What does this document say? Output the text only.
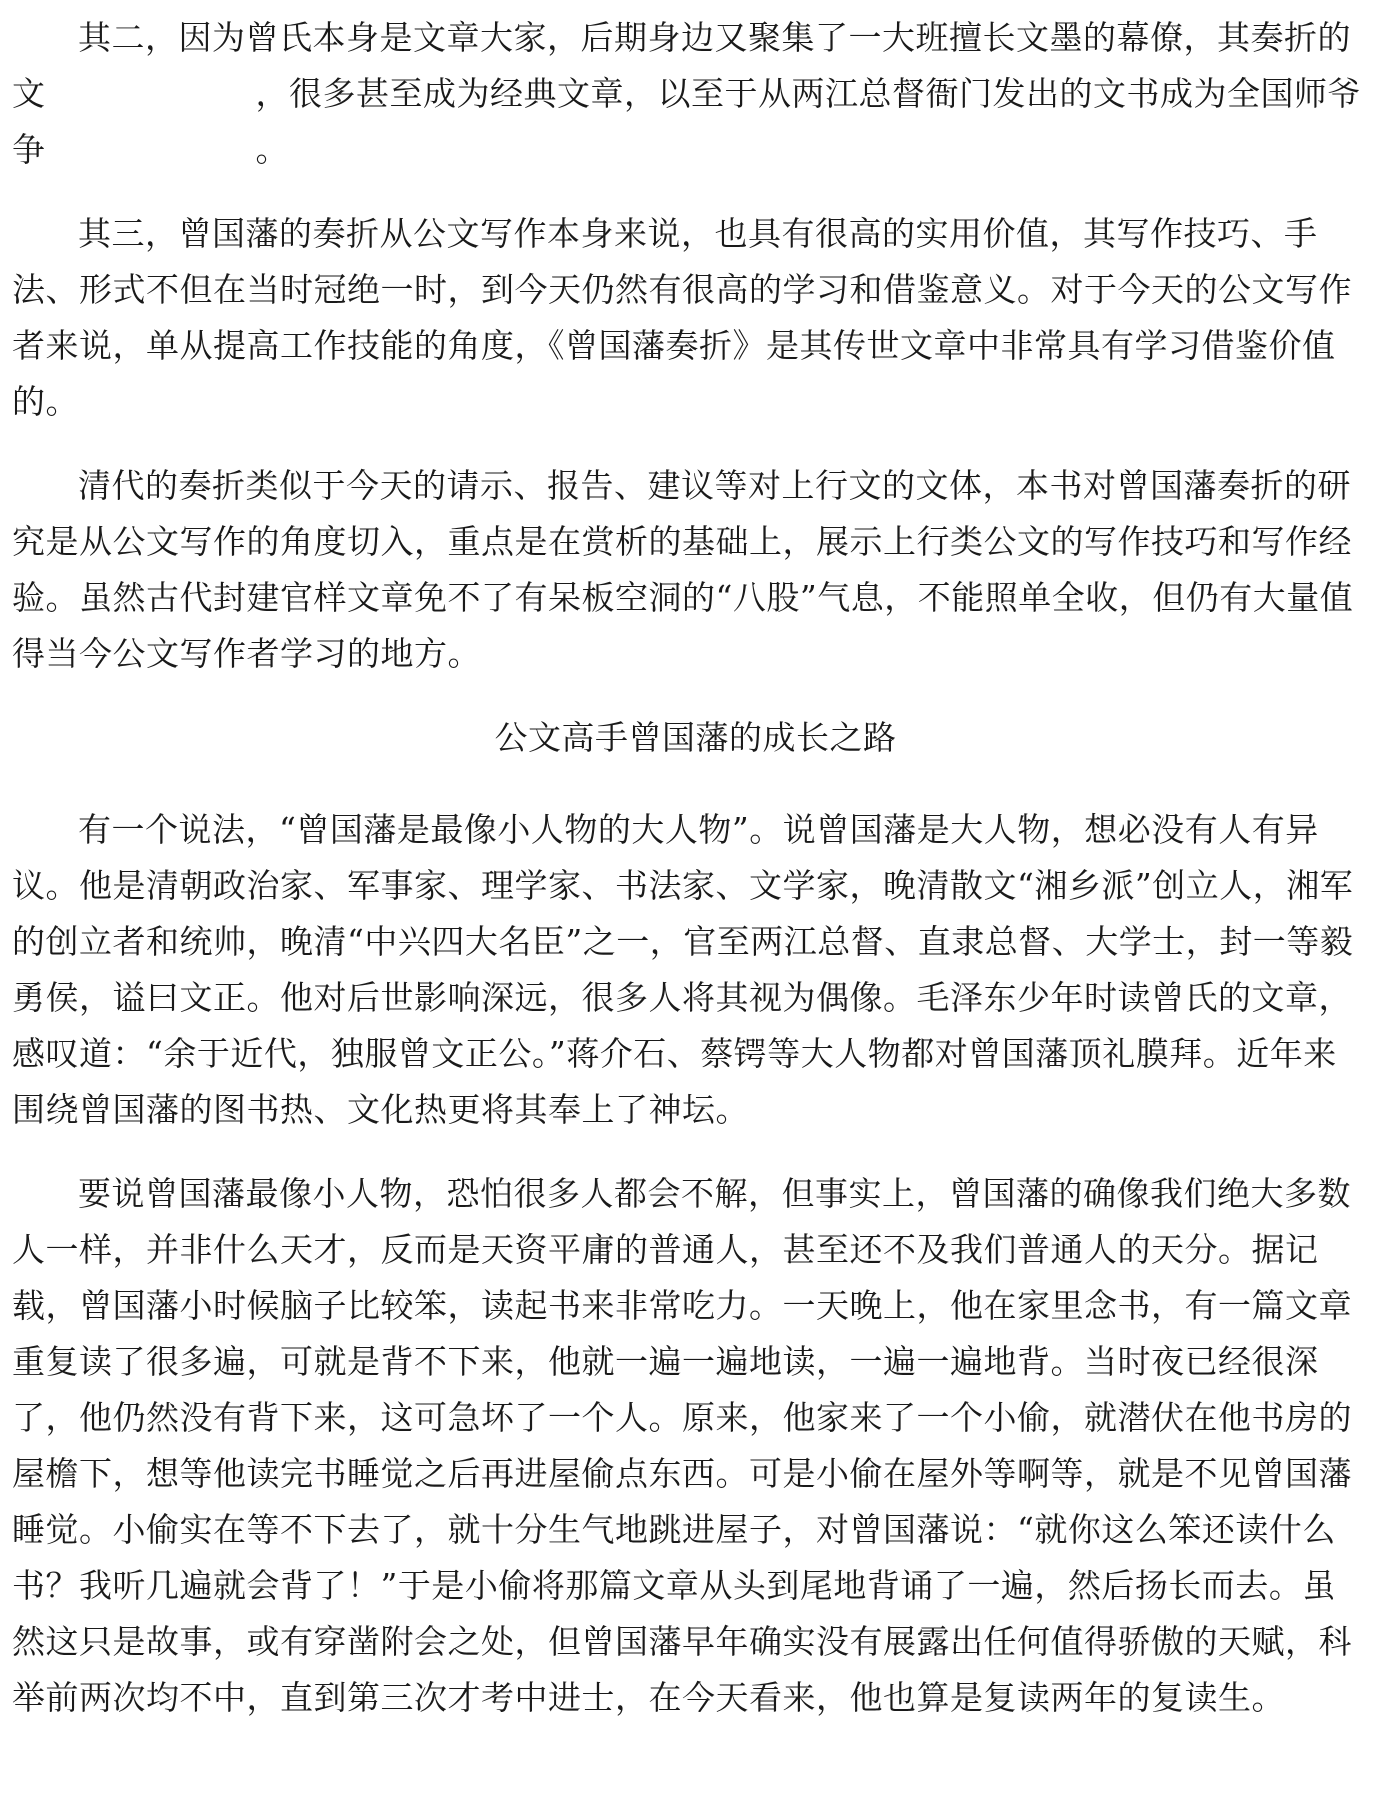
其二，因为曾氏本身是文章大家，后期身边又聚集了一大班擅长文墨的幕僚，其奏折的
文	，很多甚至成为经典文章，以至于从两江总督衙门发出的文书成为全国师爷
争	。

其三，曾国藩的奏折从公文写作本身来说，也具有很高的实用价值，其写作技巧、手
法、形式不但在当时冠绝一时，到今天仍然有很高的学习和借鉴意义。对于今天的公文写作
者来说，单从提高工作技能的角度，《曾国藩奏折》是其传世文章中非常具有学习借鉴价值
的。

清代的奏折类似于今天的请示、报告、建议等对上行文的文体，本书对曾国藩奏折的研
究是从公文写作的角度切入，重点是在赏析的基础上，展示上行类公文的写作技巧和写作经
验。虽然古代封建官样文章免不了有呆板空洞的“八股”气息，不能照单全收，但仍有大量值
得当今公文写作者学习的地方。

公文高手曾国藩的成长之路

有一个说法，“曾国藩是最像小人物的大人物”。说曾国藩是大人物，想必没有人有异
议。他是清朝政治家、军事家、理学家、书法家、文学家，晚清散文“湘乡派”创立人，湘军
的创立者和统帅，晚清“中兴四大名臣”之一，官至两江总督、直隶总督、大学士，封一等毅
勇侯，谥曰文正。他对后世影响深远，很多人将其视为偶像。毛泽东少年时读曾氏的文章，
感叹道：“余于近代，独服曾文正公。”蒋介石、蔡锷等大人物都对曾国藩顶礼膜拜。近年来
围绕曾国藩的图书热、文化热更将其奉上了神坛。

要说曾国藩最像小人物，恐怕很多人都会不解，但事实上，曾国藩的确像我们绝大多数
人一样，并非什么天才，反而是天资平庸的普通人，甚至还不及我们普通人的天分。据记
载，曾国藩小时候脑子比较笨，读起书来非常吃力。一天晚上，他在家里念书，有一篇文章
重复读了很多遍，可就是背不下来，他就一遍一遍地读，一遍一遍地背。当时夜已经很深
了，他仍然没有背下来，这可急坏了一个人。原来，他家来了一个小偷，就潜伏在他书房的
屋檐下，想等他读完书睡觉之后再进屋偷点东西。可是小偷在屋外等啊等，就是不见曾国藩
睡觉。小偷实在等不下去了，就十分生气地跳进屋子，对曾国藩说：“就你这么笨还读什么
书？我听几遍就会背了！”于是小偷将那篇文章从头到尾地背诵了一遍，然后扬长而去。虽
然这只是故事，或有穿凿附会之处，但曾国藩早年确实没有展露出任何值得骄傲的天赋，科
举前两次均不中，直到第三次才考中进士，在今天看来，他也算是复读两年的复读生。
